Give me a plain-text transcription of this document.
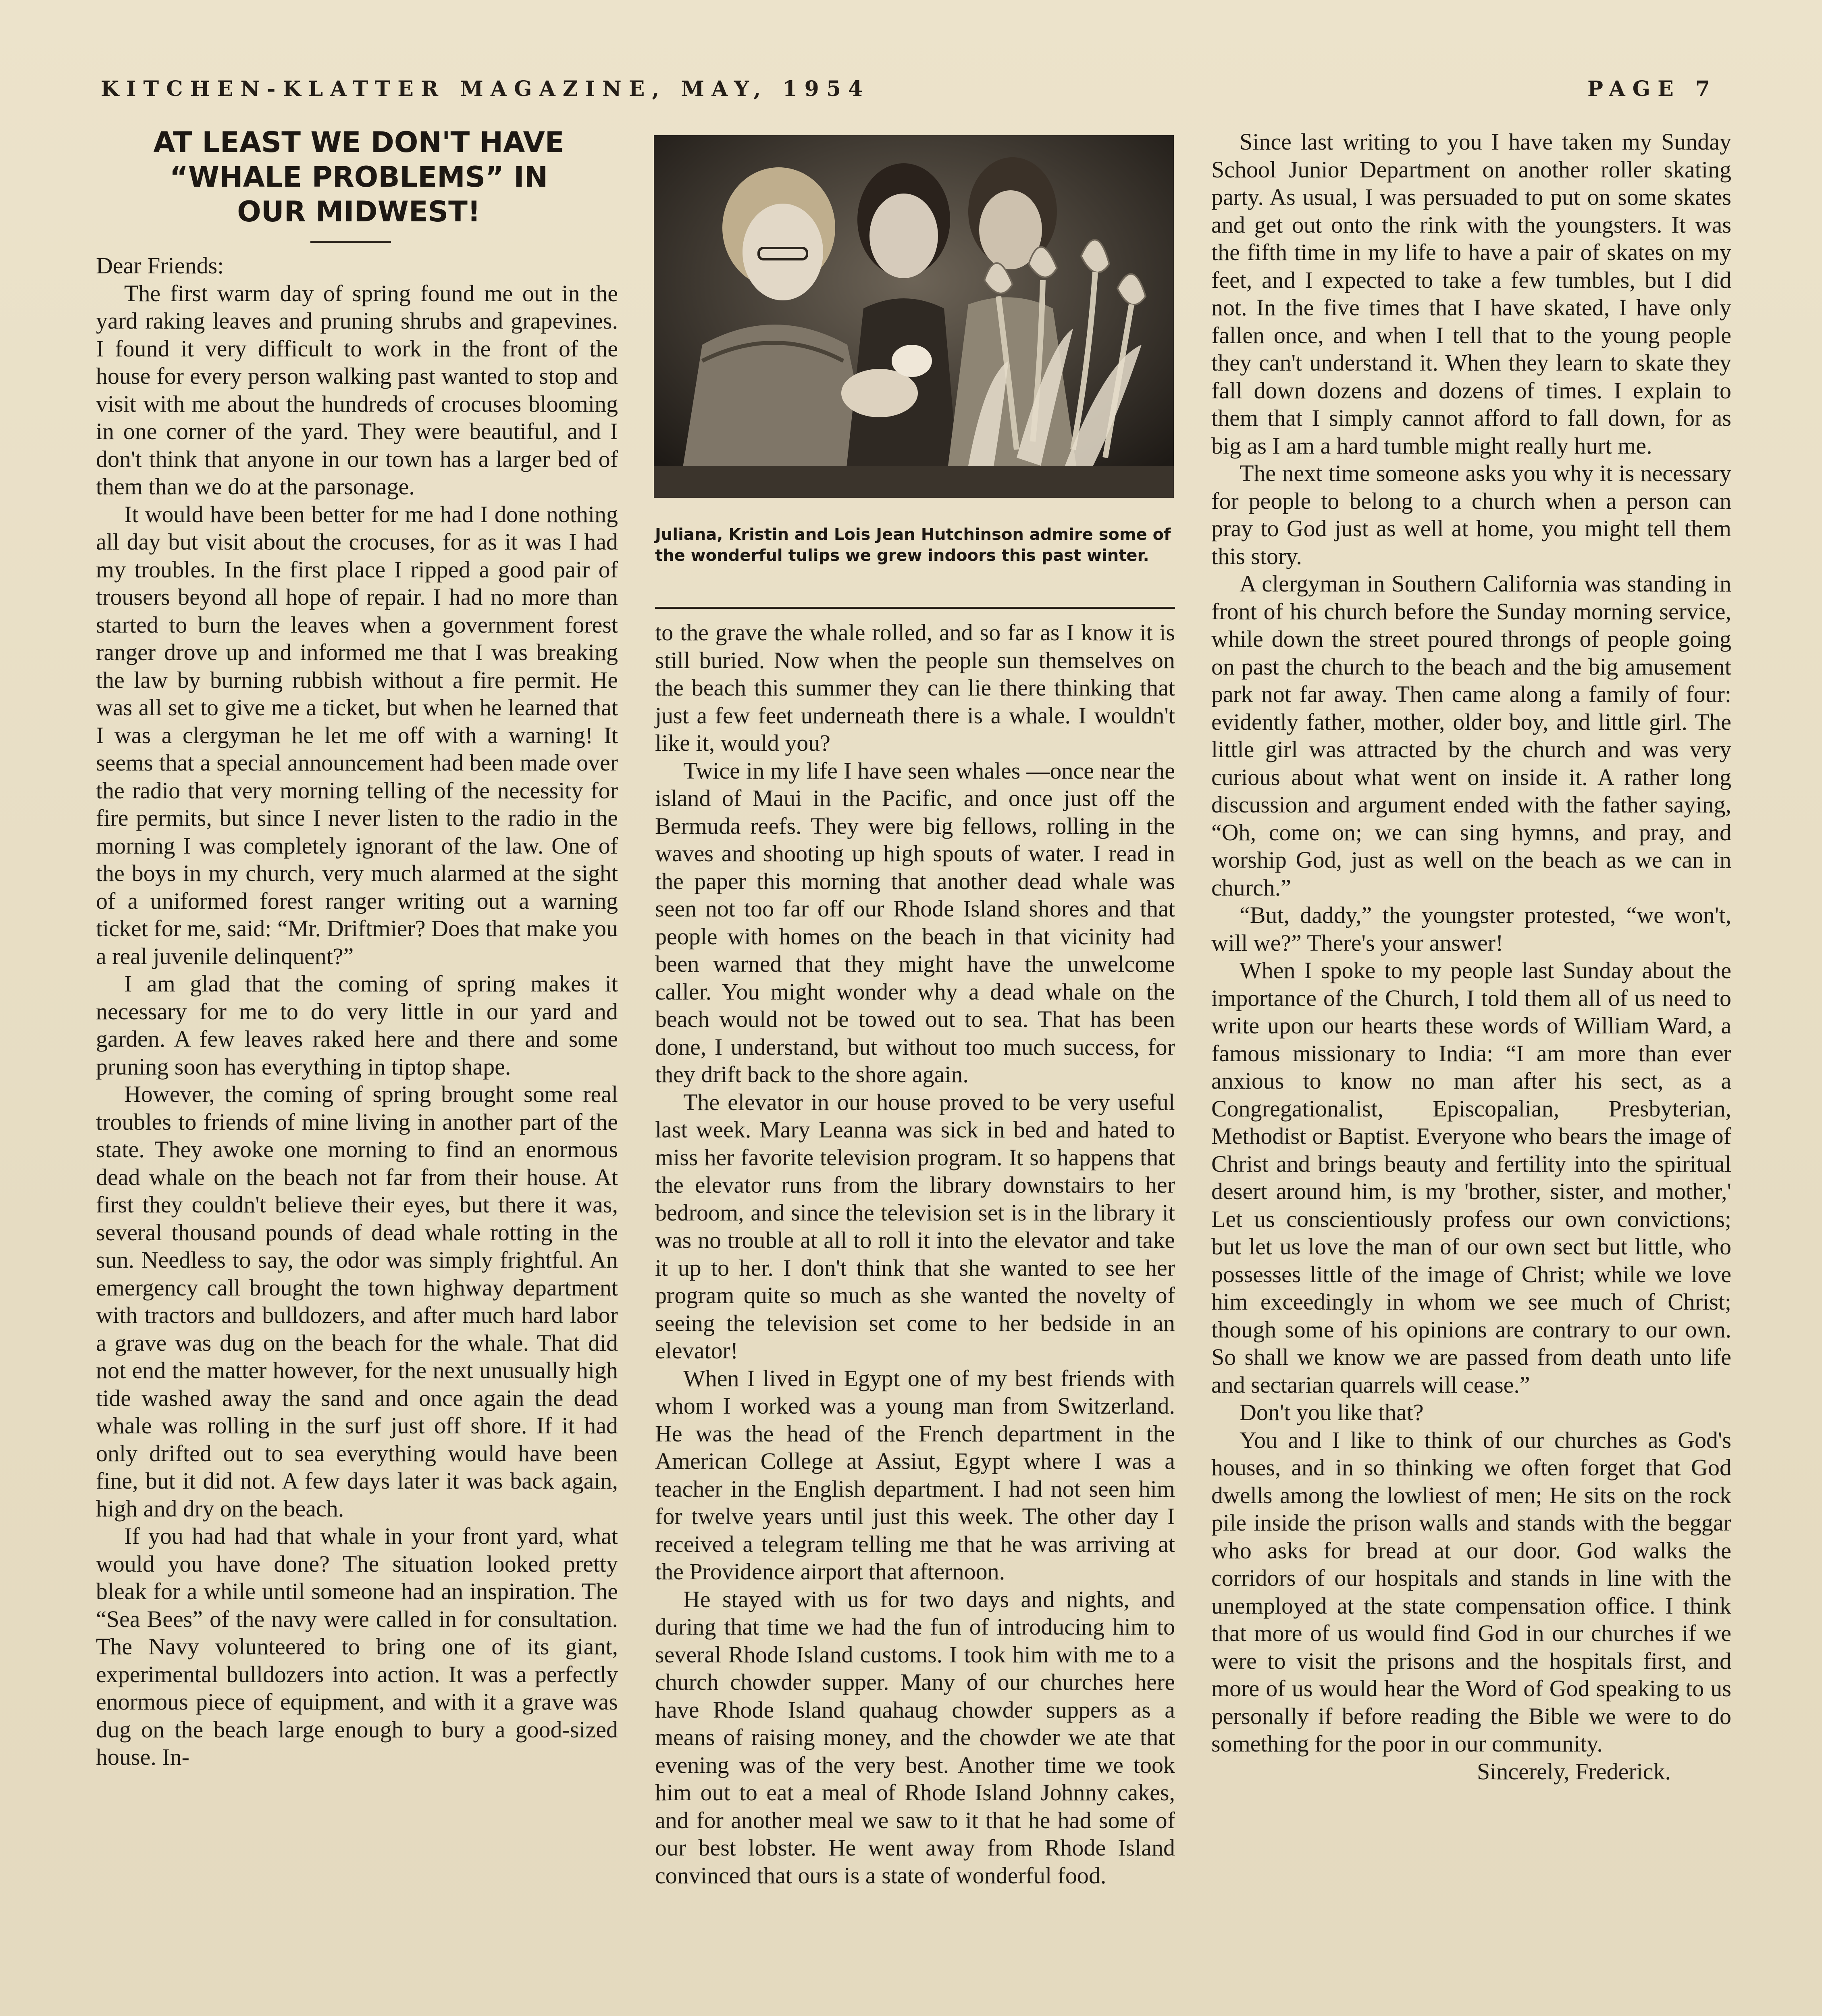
KITCHEN-KLATTER MAGAZINE, MAY, 1954	PAGE 7
AT LEAST WE DON'T HAVE
“WHALE PROBLEMS” IN
OUR MIDWEST!

Dear Friends:

The first warm day of spring found me out in the yard raking leaves and pruning shrubs and grapevines. I found it very difficult to work in the front of the house for every person walking past wanted to stop and visit with me about the hundreds of crocuses blooming in one corner of the yard. They were beautiful, and I don't think that anyone in our town has a larger bed of them than we do at the parsonage.

It would have been better for me had I done nothing all day but visit about the crocuses, for as it was I had my troubles. In the first place I ripped a good pair of trousers beyond all hope of repair. I had no more than started to burn the leaves when a government forest ranger drove up and informed me that I was breaking the law by burning rubbish without a fire permit. He was all set to give me a ticket, but when he learned that I was a clergyman he let me off with a warning! It seems that a special announcement had been made over the radio that very morning telling of the necessity for fire permits, but since I never listen to the radio in the morning I was completely ignorant of the law. One of the boys in my church, very much alarmed at the sight of a uniformed forest ranger writing out a warning ticket for me, said: “Mr. Driftmier? Does that make you a real juvenile delinquent?”

I am glad that the coming of spring makes it necessary for me to do very little in our yard and garden. A few leaves raked here and there and some pruning soon has everything in tiptop shape.

However, the coming of spring brought some real troubles to friends of mine living in another part of the state. They awoke one morning to find an enormous dead whale on the beach not far from their house. At first they couldn't believe their eyes, but there it was, several thousand pounds of dead whale rotting in the sun. Needless to say, the odor was simply frightful. An emergency call brought the town highway department with tractors and bulldozers, and after much hard labor a grave was dug on the beach for the whale. That did not end the matter however, for the next unusually high tide washed away the sand and once again the dead whale was rolling in the surf just off shore. If it had only drifted out to sea everything would have been fine, but it did not. A few days later it was back again, high and dry on the beach.

If you had had that whale in your front yard, what would you have done? The situation looked pretty bleak for a while until someone had an inspiration. The “Sea Bees” of the navy were called in for consultation. The Navy volunteered to bring one of its giant, experimental bulldozers into action. It was a perfectly enormous piece of equipment, and with it a grave was dug on the beach large enough to bury a good-sized house. In-

Juliana, Kristin and Lois Jean Hutchinson admire some of the wonderful tulips we grew indoors this past winter.

to the grave the whale rolled, and so far as I know it is still buried. Now when the people sun themselves on the beach this summer they can lie there thinking that just a few feet underneath there is a whale. I wouldn't like it, would you?

Twice in my life I have seen whales —once near the island of Maui in the Pacific, and once just off the Bermuda reefs. They were big fellows, rolling in the waves and shooting up high spouts of water. I read in the paper this morning that another dead whale was seen not too far off our Rhode Island shores and that people with homes on the beach in that vicinity had been warned that they might have the unwelcome caller. You might wonder why a dead whale on the beach would not be towed out to sea. That has been done, I understand, but without too much success, for they drift back to the shore again.

The elevator in our house proved to be very useful last week. Mary Leanna was sick in bed and hated to miss her favorite television program. It so happens that the elevator runs from the library downstairs to her bedroom, and since the television set is in the library it was no trouble at all to roll it into the elevator and take it up to her. I don't think that she wanted to see her program quite so much as she wanted the novelty of seeing the television set come to her bedside in an elevator!

When I lived in Egypt one of my best friends with whom I worked was a young man from Switzerland. He was the head of the French department in the American College at Assiut, Egypt where I was a teacher in the English department. I had not seen him for twelve years until just this week. The other day I received a telegram telling me that he was arriving at the Providence airport that afternoon.

He stayed with us for two days and nights, and during that time we had the fun of introducing him to several Rhode Island customs. I took him with me to a church chowder supper. Many of our churches here have Rhode Island quahaug chowder suppers as a means of raising money, and the chowder we ate that evening was of the very best. Another time we took him out to eat a meal of Rhode Island Johnny cakes, and for another meal we saw to it that he had some of our best lobster. He went away from Rhode Island convinced that ours is a state of wonderful food.

Since last writing to you I have taken my Sunday School Junior Department on another roller skating party. As usual, I was persuaded to put on some skates and get out onto the rink with the youngsters. It was the fifth time in my life to have a pair of skates on my feet, and I expected to take a few tumbles, but I did not. In the five times that I have skated, I have only fallen once, and when I tell that to the young people they can't understand it. When they learn to skate they fall down dozens and dozens of times. I explain to them that I simply cannot afford to fall down, for as big as I am a hard tumble might really hurt me.

The next time someone asks you why it is necessary for people to belong to a church when a person can pray to God just as well at home, you might tell them this story.

A clergyman in Southern California was standing in front of his church before the Sunday morning service, while down the street poured throngs of people going on past the church to the beach and the big amusement park not far away. Then came along a family of four: evidently father, mother, older boy, and little girl. The little girl was attracted by the church and was very curious about what went on inside it. A rather long discussion and argument ended with the father saying, “Oh, come on; we can sing hymns, and pray, and worship God, just as well on the beach as we can in church.”

“But, daddy,” the youngster protested, “we won't, will we?” There's your answer!

When I spoke to my people last Sunday about the importance of the Church, I told them all of us need to write upon our hearts these words of William Ward, a famous missionary to India: “I am more than ever anxious to know no man after his sect, as a Congregationalist, Episcopalian, Presbyterian, Methodist or Baptist. Everyone who bears the image of Christ and brings beauty and fertility into the spiritual desert around him, is my 'brother, sister, and mother,' Let us conscientiously profess our own convictions; but let us love the man of our own sect but little, who possesses little of the image of Christ; while we love him exceedingly in whom we see much of Christ; though some of his opinions are contrary to our own. So shall we know we are passed from death unto life and sectarian quarrels will cease.”

Don't you like that?

You and I like to think of our churches as God's houses, and in so thinking we often forget that God dwells among the lowliest of men; He sits on the rock pile inside the prison walls and stands with the beggar who asks for bread at our door. God walks the corridors of our hospitals and stands in line with the unemployed at the state compensation office. I think that more of us would find God in our churches if we were to visit the prisons and the hospitals first, and more of us would hear the Word of God speaking to us personally if before reading the Bible we were to do something for the poor in our community.

Sincerely, Frederick.
